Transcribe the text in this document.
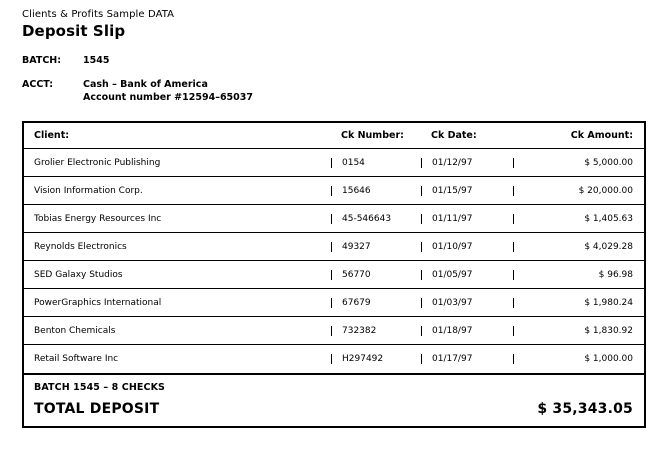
Clients & Profits Sample DATA
Deposit Slip
BATCH:	1545
ACCT:	Cash – Bank of America
Account number #12594–65037
Client:	Ck Number:	Ck Date:	Ck Amount:
Grolier Electronic Publishing	0154	01/12/97	$ 5,000.00
Vision Information Corp.	15646	01/15/97	$ 20,000.00
Tobias Energy Resources Inc	45-546643	01/11/97	$ 1,405.63
Reynolds Electronics	49327	01/10/97	$ 4,029.28
SED Galaxy Studios	56770	01/05/97	$ 96.98
PowerGraphics International	67679	01/03/97	$ 1,980.24
Benton Chemicals	732382	01/18/97	$ 1,830.92
Retail Software Inc	H297492	01/17/97	$ 1,000.00
BATCH 1545 – 8 CHECKS
TOTAL DEPOSIT	$ 35,343.05
